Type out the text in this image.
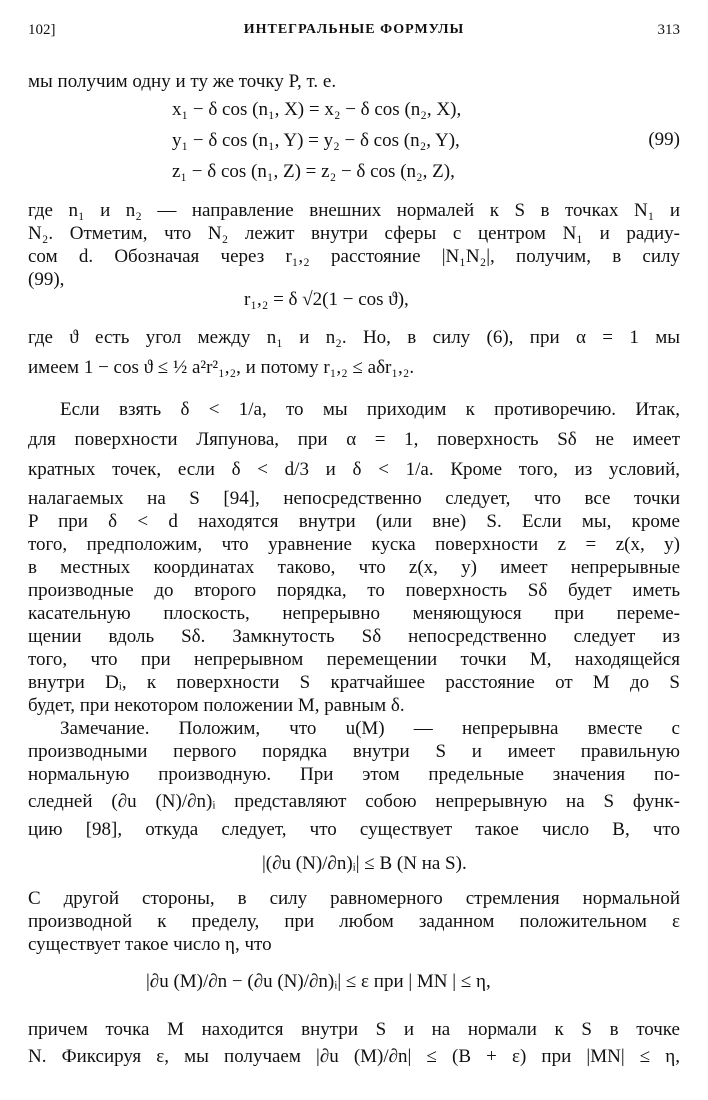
102]	ИНТЕГРАЛЬНЫЕ ФОРМУЛЫ	313
мы получим одну и ту же точку P, т. е.
x₁ − δ cos (n₁, X) = x₂ − δ cos (n₂, X),
y₁ − δ cos (n₁, Y) = y₂ − δ cos (n₂, Y),
z₁ − δ cos (n₁, Z) = z₂ − δ cos (n₂, Z),
(99)
где n₁ и n₂ — направление внешних нормалей к S в точках N₁ и
N₂. Отметим, что N₂ лежит внутри сферы с центром N₁ и радиу-
сом d. Обозначая через r₁,₂ расстояние |N₁N₂|, получим, в силу
(99),
r₁,₂ = δ √2(1 − cos ϑ),
где ϑ есть угол между n₁ и n₂. Но, в силу (6), при α = 1 мы
имеем 1 − cos ϑ ≤ ½ a²r²₁,₂, и потому r₁,₂ ≤ aδr₁,₂.
Если взять δ < 1/a, то мы приходим к противоречию. Итак,
для поверхности Ляпунова, при α = 1, поверхность Sδ не имеет
кратных точек, если δ < d/3 и δ < 1/a. Кроме того, из условий,
налагаемых на S [94], непосредственно следует, что все точки
P при δ < d находятся внутри (или вне) S. Если мы, кроме
того, предположим, что уравнение куска поверхности z = z(x, y)
в местных координатах таково, что z(x, y) имеет непрерывные
производные до второго порядка, то поверхность Sδ будет иметь
касательную плоскость, непрерывно меняющуюся при переме-
щении вдоль Sδ. Замкнутость Sδ непосредственно следует из
того, что при непрерывном перемещении точки M, находящейся
внутри Dᵢ, к поверхности S кратчайшее расстояние от M до S
будет, при некотором положении M, равным δ.
Замечание. Положим, что u(M) — непрерывна вместе с
производными первого порядка внутри S и имеет правильную
нормальную производную. При этом предельные значения по-
следней (∂u (N)/∂n)ᵢ представляют собою непрерывную на S функ-
цию [98], откуда следует, что существует такое число B, что
|(∂u (N)/∂n)ᵢ| ≤ B (N на S).
С другой стороны, в силу равномерного стремления нормальной
производной к пределу, при любом заданном положительном ε
существует такое число η, что
|∂u (M)/∂n − (∂u (N)/∂n)ᵢ| ≤ ε при | MN | ≤ η,
причем точка M находится внутри S и на нормали к S в точке
N. Фиксируя ε, мы получаем |∂u (M)/∂n| ≤ (B + ε) при |MN| ≤ η,
